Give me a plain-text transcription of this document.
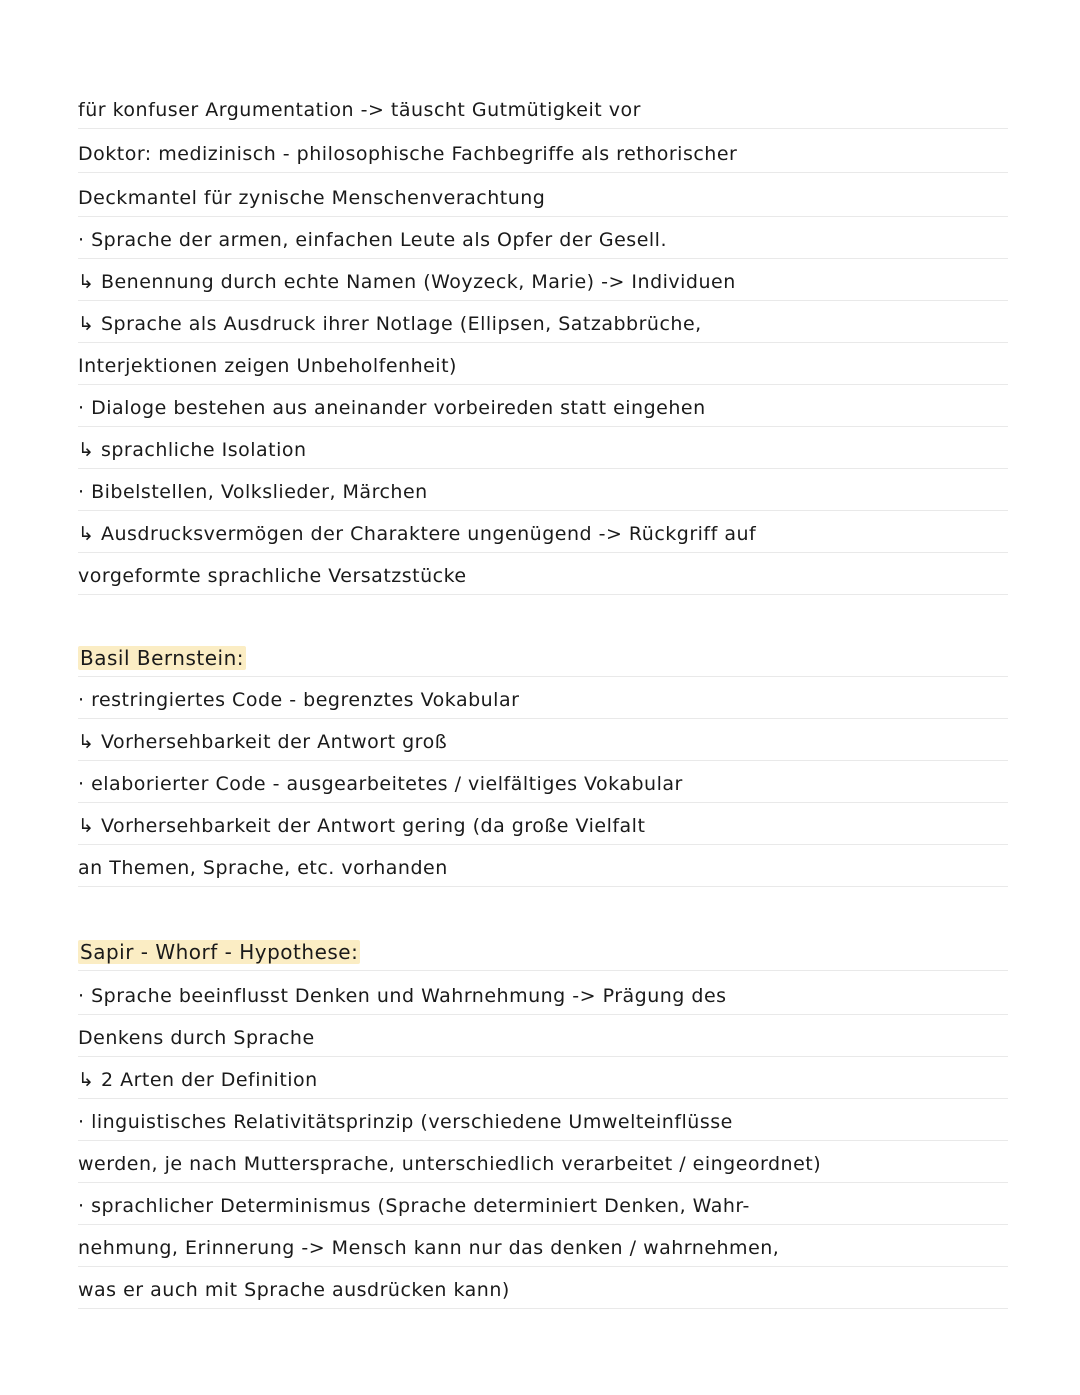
für konfuser Argumentation -> täuscht Gutmütigkeit vor
Doktor: medizinisch - philosophische Fachbegriffe als rethorischer
Deckmantel für zynische Menschenverachtung
· Sprache der armen, einfachen Leute als Opfer der Gesell.
↳ Benennung durch echte Namen (Woyzeck, Marie) -> Individuen
↳ Sprache als Ausdruck ihrer Notlage (Ellipsen, Satzabbrüche,
Interjektionen zeigen Unbeholfenheit)
· Dialoge bestehen aus aneinander vorbeireden statt eingehen
↳ sprachliche Isolation
· Bibelstellen, Volkslieder, Märchen
↳ Ausdrucksvermögen der Charaktere ungenügend -> Rückgriff auf
vorgeformte sprachliche Versatzstücke
Basil Bernstein:
· restringiertes Code - begrenztes Vokabular
↳ Vorhersehbarkeit der Antwort groß
· elaborierter Code - ausgearbeitetes / vielfältiges Vokabular
↳ Vorhersehbarkeit der Antwort gering (da große Vielfalt
an Themen, Sprache, etc. vorhanden
Sapir - Whorf - Hypothese:
· Sprache beeinflusst Denken und Wahrnehmung -> Prägung des
Denkens durch Sprache
↳ 2 Arten der Definition
· linguistisches Relativitätsprinzip (verschiedene Umwelteinflüsse
werden, je nach Muttersprache, unterschiedlich verarbeitet / eingeordnet)
· sprachlicher Determinismus (Sprache determiniert Denken, Wahr-
nehmung, Erinnerung -> Mensch kann nur das denken / wahrnehmen,
was er auch mit Sprache ausdrücken kann)
